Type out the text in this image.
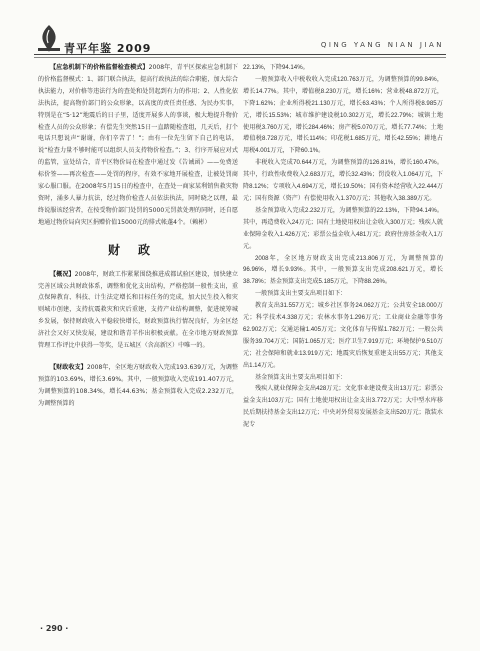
青平年鉴 2009	QING YANG NIAN JIAN

【应急机制下的价格监督检查模式】2008年，青平区探索应急机制下的价格监督模式：1、部门联合执法，提高行政执法的综合职能，加大综合执法能力，对价格等违法行为的查处和处罚起到有力的作用；2、人性化依法执法，提高物价部门的公众形象，以高度的责任责任感、为民办实事，特别是在“5·12”地震后的日子里，适度开展多人的事谈，极大地提升物价检查人员的公众形象；有偿先生突然15日一直踏随检查组，几天后，打个电话只想说声“谢谢，你们辛苦了！”；由有一位先生留下自己的电话，说“检查力量不够时能可以组织人员支持物价检查。”；3、行序开展应对式的监管，宣处结合，青平区物价局在检查中通过发《告诫函》——免费送标价签——再次检查——处罚的程序，有效不家地开展检查，让被处罚商家心服口服。在2008年5月15日的检查中，在查处一商家某利销售救灾物资时，涌多人暴力抗法，经过物价检查人员依法执法，同时晓之以理，最终说服该经营者，在按受物价部门处罚的5000元罚款处理的同时，还自愿地通过物价局向灾区捐赠价值15000元的排式帐蓬4个。（赖彬）

财政

【概况】2008年，财政工作紧紧围绕推进成都试验区建设，加快建立完善区域公共财政体系，调整和优化支出结构，严格控制一般性支出，重点保障教育、科技、计生法定增长和目标任务的完成，加大民生投入和灾则城市创建，支持抗震救灾和灾后重建，支持产业结构调整，促进统筹城乡发展，保持财政收入平稳较快增长，财政预算执行情况良好，为全区经济社会又好又快发展，建设和谐青羊作出积极贡献。在全市地方财政预算管理工作评比中获得一等奖，是五城区（含高新区）中唯一的。

【财政收支】2008年，全区地方财政收入完成193.639万元，为调整预算的103.69%，增长3.69%。其中，一般预算收入完成191.407万元，为调整预算的108.34%，增长44.63%；基金预算收入完成2.232万元，为调整预算的

22.13%，下降94.14%。

一般预算收入中税收收入完成120.763万元，为调整预算的99.84%，增长14.77%。其中，增值税8.230万元，增长16%；营业税48.872万元，下降1.62%；企业所得税21.130万元，增长63.43%；个人所得税8.985万元，增长15.53%；城市维护建设税10.302万元，增长22.79%；城镇土地使用税3.760万元，增长284.46%；房产税5.070万元，增长77.74%；土地增值税8.728万元，增长114%；印花税1.685万元，增长42.55%；耕地占用税4.001万元，下降60.1%。

非税收入完成70.644万元，为调整预算的126.81%，增长160.47%。其中，行政性收费收入2.683万元，增长32.43%；罚没收入1.064万元，下降8.12%；专项收入4.694万元，增长19.50%；国有资本经营收入22.444万元；国有资源（资产）有偿使用收入1.370万元；其他收入38.389万元。

基金预算收入完成2.232万元，为调整预算的22.13%，下降94.14%。其中，再造费收入24万元；国有土地使用权出让金收入300万元；残疾人就业保障金收入1.426万元；彩票公益金收入481万元；政府住房基金收入1万元。

2008年，全区地方财政支出完成213.806万元，为调整预算的96.96%，增长9.93%。其中，一般预算支出完成208.621万元，增长38.78%；基金预算支出完成5.185万元，下降88.26%。

一般预算支出主要支出项目如下：

教育支出31.557万元；城乡社区事务24.062万元；公共安全18.000万元；科学技术4.338万元；农林水事务1.296万元；工业商业金融等事务62.902万元；交通运输1.405万元；文化体育与传媒1.782万元；一般公共服务39.704万元；国防1.065万元；医疗卫生7.919万元；环境保护9.510万元；社会保障和就业13.919万元；地震灾后恢复重建支出55万元；其他支出1.14万元。

基金预算支出主要支出项目如下：

残疾人就业保障金支出428万元；文化事业建设费支出13万元；彩票公益金支出103万元；国有土地使用权出让金支出3.772万元；大中型水库移民后期扶持基金支出12万元；中央对外贸易发展基金支出520万元；散装水泥专

· 290 ·
